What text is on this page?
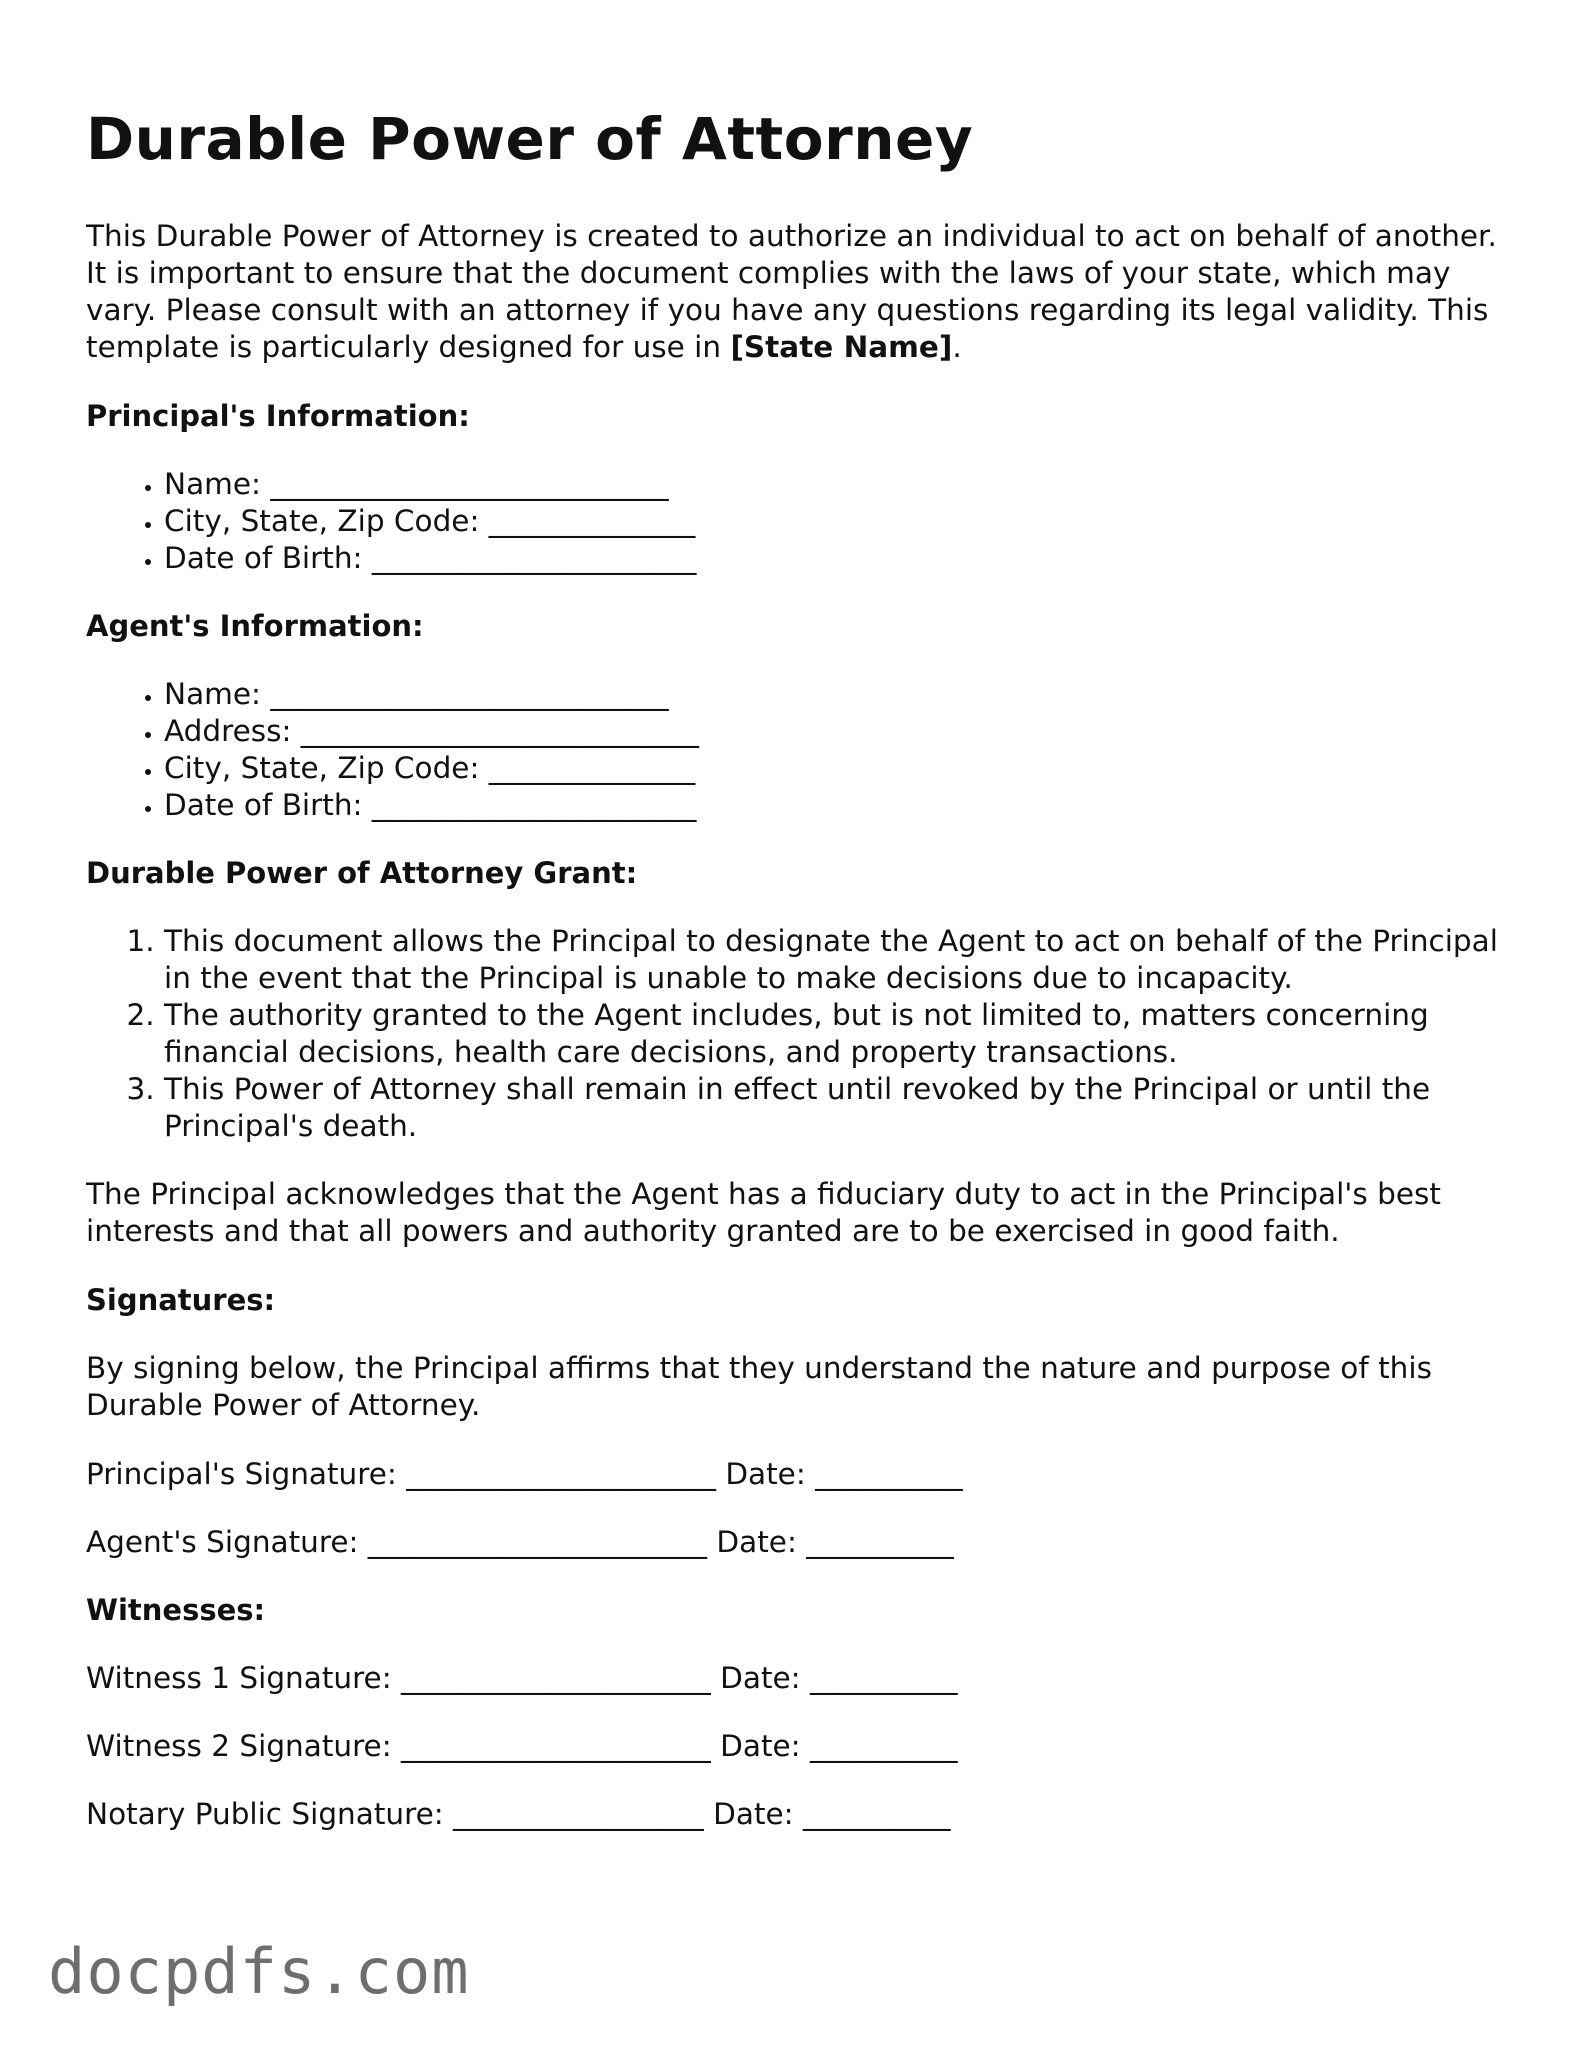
Durable Power of Attorney

This Durable Power of Attorney is created to authorize an individual to act on behalf of another. It is important to ensure that the document complies with the laws of your state, which may vary. Please consult with an attorney if you have any questions regarding its legal validity. This template is particularly designed for use in [State Name].

Principal's Information:
• Name: ___________________________
• City, State, Zip Code: ______________
• Date of Birth: ______________________
Agent's Information:
• Name: ___________________________
• Address: ___________________________
• City, State, Zip Code: ______________
• Date of Birth: ______________________
Durable Power of Attorney Grant:
1. This document allows the Principal to designate the Agent to act on behalf of the Principal in the event that the Principal is unable to make decisions due to incapacity.
2. The authority granted to the Agent includes, but is not limited to, matters concerning financial decisions, health care decisions, and property transactions.
3. This Power of Attorney shall remain in effect until revoked by the Principal or until the Principal's death.

The Principal acknowledges that the Agent has a fiduciary duty to act in the Principal's best interests and that all powers and authority granted are to be exercised in good faith.

Signatures:

By signing below, the Principal affirms that they understand the nature and purpose of this Durable Power of Attorney.

Principal's Signature: _____________________ Date: __________

Agent's Signature: _______________________ Date: __________

Witnesses:

Witness 1 Signature: _____________________ Date: __________

Witness 2 Signature: _____________________ Date: __________

Notary Public Signature: _________________ Date: __________

docpdfs.com
